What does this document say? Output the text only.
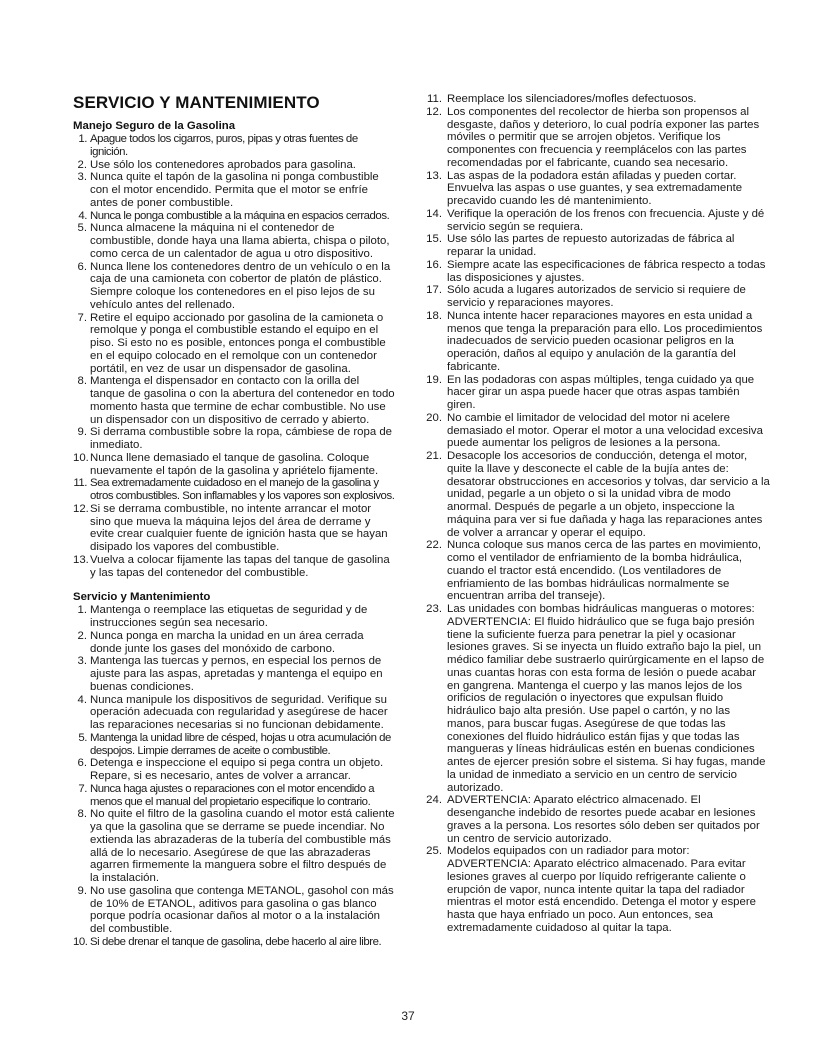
SERVICIO Y MANTENIMIENTO
Manejo Seguro de la Gasolina
1. Apague todos los cigarros, puros, pipas y otras fuentes de ignición.
2. Use sólo los contenedores aprobados para gasolina.
3. Nunca quite el tapón de la gasolina ni ponga combustible con el motor encendido. Permita que el motor se enfríe antes de poner combustible.
4. Nunca le ponga combustible a la máquina en espacios cerrados.
5. Nunca almacene la máquina ni el contenedor de combustible, donde haya una llama abierta, chispa o piloto, como cerca de un calentador de agua u otro dispositivo.
6. Nunca llene los contenedores dentro de un vehículo o en la caja de una camioneta con cobertor de platón de plástico. Siempre coloque los contenedores en el piso lejos de su vehículo antes del rellenado.
7. Retire el equipo accionado por gasolina de la camioneta o remolque y ponga el combustible estando el equipo en el piso. Si esto no es posible, entonces ponga el combustible en el equipo colocado en el remolque con un contenedor portátil, en vez de usar un dispensador de gasolina.
8. Mantenga el dispensador en contacto con la orilla del tanque de gasolina o con la abertura del contenedor en todo momento hasta que termine de echar combustible. No use un dispensador con un dispositivo de cerrado y abierto.
9. Si derrama combustible sobre la ropa, cámbiese de ropa de inmediato.
10. Nunca llene demasiado el tanque de gasolina. Coloque nuevamente el tapón de la gasolina y apriételo fijamente.
11. Sea extremadamente cuidadoso en el manejo de la gasolina y otros combustibles. Son inflamables y los vapores son explosivos.
12. Si se derrama combustible, no intente arrancar el motor sino que mueva la máquina lejos del área de derrame y evite crear cualquier fuente de ignición hasta que se hayan disipado los vapores del combustible.
13. Vuelva a colocar fijamente las tapas del tanque de gasolina y las tapas del contenedor del combustible.
Servicio y Mantenimiento
1. Mantenga o reemplace las etiquetas de seguridad y de instrucciones según sea necesario.
2. Nunca ponga en marcha la unidad en un área cerrada donde junte los gases del monóxido de carbono.
3. Mantenga las tuercas y pernos, en especial los pernos de ajuste para las aspas, apretadas y mantenga el equipo en buenas condiciones.
4. Nunca manipule los dispositivos de seguridad. Verifique su operación adecuada con regularidad y asegúrese de hacer las reparaciones necesarias si no funcionan debidamente.
5. Mantenga la unidad libre de césped, hojas u otra acumulación de despojos. Limpie derrames de aceite o combustible.
6. Detenga e inspeccione el equipo si pega contra un objeto. Repare, si es necesario, antes de volver a arrancar.
7. Nunca haga ajustes o reparaciones con el motor encendido a menos que el manual del propietario especifique lo contrario.
8. No quite el filtro de la gasolina cuando el motor está caliente ya que la gasolina que se derrame se puede incendiar. No extienda las abrazaderas de la tubería del combustible más allá de lo necesario. Asegúrese de que las abrazaderas agarren firmemente la manguera sobre el filtro después de la instalación.
9. No use gasolina que contenga METANOL, gasohol con más de 10% de ETANOL, aditivos para gasolina o gas blanco porque podría ocasionar daños al motor o a la instalación del combustible.
10. Si debe drenar el tanque de gasolina, debe hacerlo al aire libre.
11. Reemplace los silenciadores/mofles defectuosos.
12. Los componentes del recolector de hierba son propensos al desgaste, daños y deterioro, lo cual podría exponer las partes móviles o permitir que se arrojen objetos. Verifique los componentes con frecuencia y reemplácelos con las partes recomendadas por el fabricante, cuando sea necesario.
13. Las aspas de la podadora están afiladas y pueden cortar. Envuelva las aspas o use guantes, y sea extremadamente precavido cuando les dé mantenimiento.
14. Verifique la operación de los frenos con frecuencia. Ajuste y dé servicio según se requiera.
15. Use sólo las partes de repuesto autorizadas de fábrica al reparar la unidad.
16. Siempre acate las especificaciones de fábrica respecto a todas las disposiciones y ajustes.
17. Sólo acuda a lugares autorizados de servicio si requiere de servicio y reparaciones mayores.
18. Nunca intente hacer reparaciones mayores en esta unidad a menos que tenga la preparación para ello. Los procedimientos inadecuados de servicio pueden ocasionar peligros en la operación, daños al equipo y anulación de la garantía del fabricante.
19. En las podadoras con aspas múltiples, tenga cuidado ya que hacer girar un aspa puede hacer que otras aspas también giren.
20. No cambie el limitador de velocidad del motor ni acelere demasiado el motor. Operar el motor a una velocidad excesiva puede aumentar los peligros de lesiones a la persona.
21. Desacople los accesorios de conducción, detenga el motor, quite la llave y desconecte el cable de la bujía antes de: desatorar obstrucciones en accesorios y tolvas, dar servicio a la unidad, pegarle a un objeto o si la unidad vibra de modo anormal. Después de pegarle a un objeto, inspeccione la máquina para ver si fue dañada y haga las reparaciones antes de volver a arrancar y operar el equipo.
22. Nunca coloque sus manos cerca de las partes en movimiento, como el ventilador de enfriamiento de la bomba hidráulica, cuando el tractor está encendido. (Los ventiladores de enfriamiento de las bombas hidráulicas normalmente se encuentran arriba del transeje).
23. Las unidades con bombas hidráulicas mangueras o motores: ADVERTENCIA: El fluido hidráulico que se fuga bajo presión tiene la suficiente fuerza para penetrar la piel y ocasionar lesiones graves. Si se inyecta un fluido extraño bajo la piel, un médico familiar debe sustraerlo quirúrgicamente en el lapso de unas cuantas horas con esta forma de lesión o puede acabar en gangrena. Mantenga el cuerpo y las manos lejos de los orificios de regulación o inyectores que expulsan fluido hidráulico bajo alta presión. Use papel o cartón, y no las manos, para buscar fugas. Asegúrese de que todas las conexiones del fluido hidráulico están fijas y que todas las mangueras y líneas hidráulicas estén en buenas condiciones antes de ejercer presión sobre el sistema. Si hay fugas, mande la unidad de inmediato a servicio en un centro de servicio autorizado.
24. ADVERTENCIA: Aparato eléctrico almacenado. El desenganche indebido de resortes puede acabar en lesiones graves a la persona. Los resortes sólo deben ser quitados por un centro de servicio autorizado.
25. Modelos equipados con un radiador para motor: ADVERTENCIA: Aparato eléctrico almacenado. Para evitar lesiones graves al cuerpo por líquido refrigerante caliente o erupción de vapor, nunca intente quitar la tapa del radiador mientras el motor está encendido. Detenga el motor y espere hasta que haya enfriado un poco. Aun entonces, sea extremadamente cuidadoso al quitar la tapa.
37
